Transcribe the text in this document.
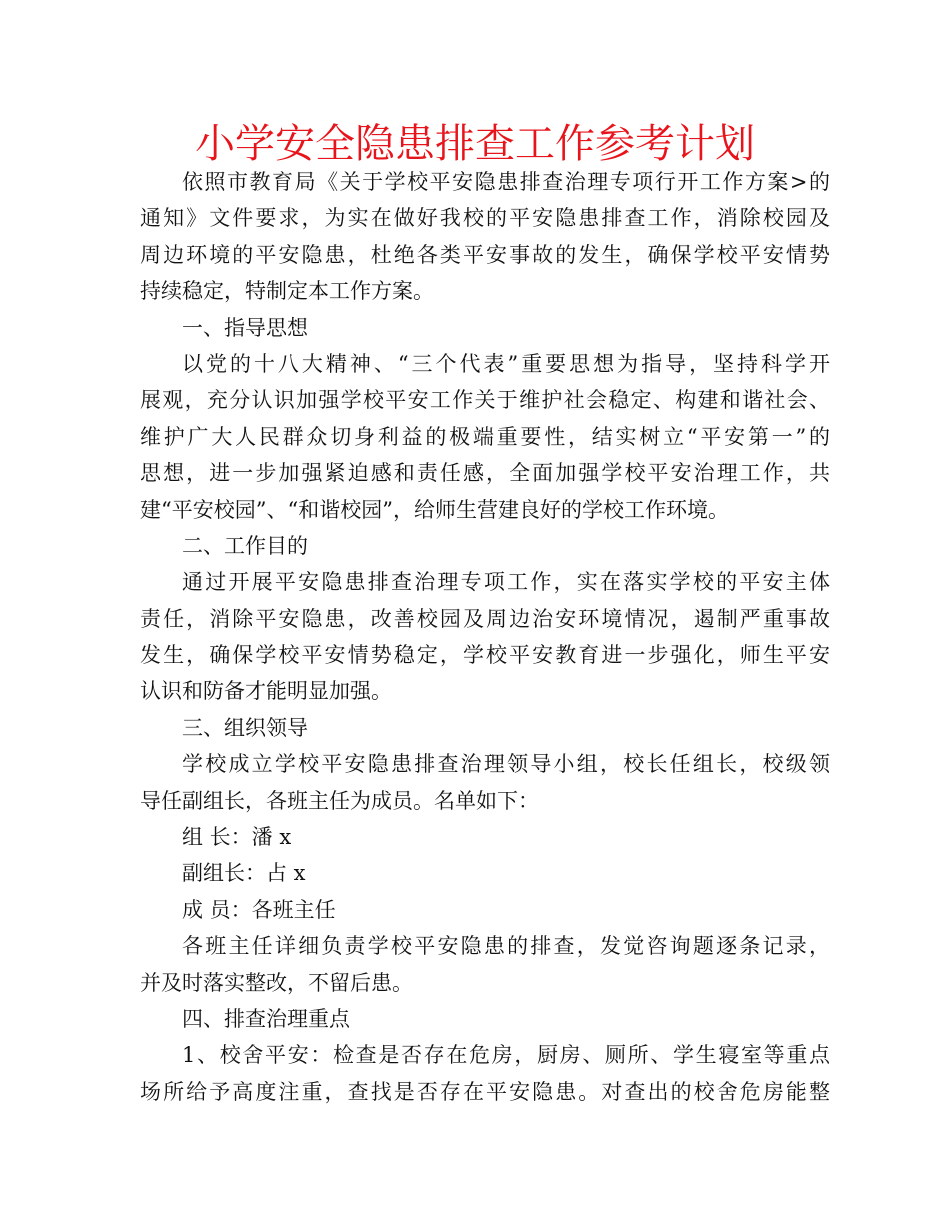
小学安全隐患排查工作参考计划
依照市教育局《关于学校平安隐患排查治理专项行开工作方案>的
通知》文件要求，为实在做好我校的平安隐患排查工作，消除校园及
周边环境的平安隐患，杜绝各类平安事故的发生，确保学校平安情势
持续稳定，特制定本工作方案。
一、指导思想
以党的十八大精神、“三个代表”重要思想为指导，坚持科学开
展观，充分认识加强学校平安工作关于维护社会稳定、构建和谐社会、
维护广大人民群众切身利益的极端重要性，结实树立“平安第一”的
思想，进一步加强紧迫感和责任感，全面加强学校平安治理工作，共
建“平安校园”、“和谐校园”，给师生营建良好的学校工作环境。
二、工作目的
通过开展平安隐患排查治理专项工作，实在落实学校的平安主体
责任，消除平安隐患，改善校园及周边治安环境情况，遏制严重事故
发生，确保学校平安情势稳定，学校平安教育进一步强化，师生平安
认识和防备才能明显加强。
三、组织领导
学校成立学校平安隐患排查治理领导小组，校长任组长，校级领
导任副组长，各班主任为成员。名单如下：
组 长：潘 x
副组长：占 x
成 员：各班主任
各班主任详细负责学校平安隐患的排查，发觉咨询题逐条记录，
并及时落实整改，不留后患。
四、排查治理重点
1、校舍平安：检查是否存在危房，厨房、厕所、学生寝室等重点
场所给予高度注重，查找是否存在平安隐患。对查出的校舍危房能整
